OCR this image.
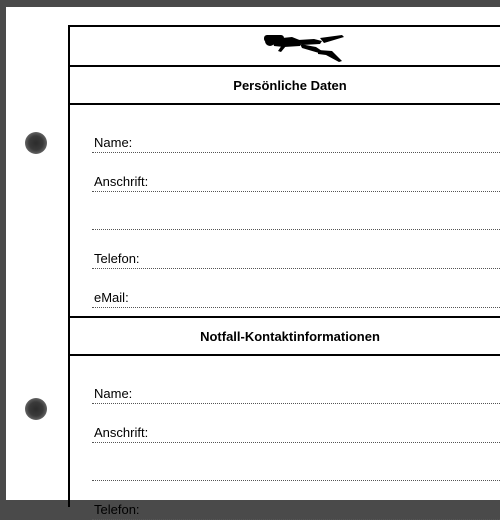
Persönliche Daten
Name:
Anschrift:
Telefon:
eMail:
Notfall-Kontaktinformationen
Name:
Anschrift:
Telefon:
